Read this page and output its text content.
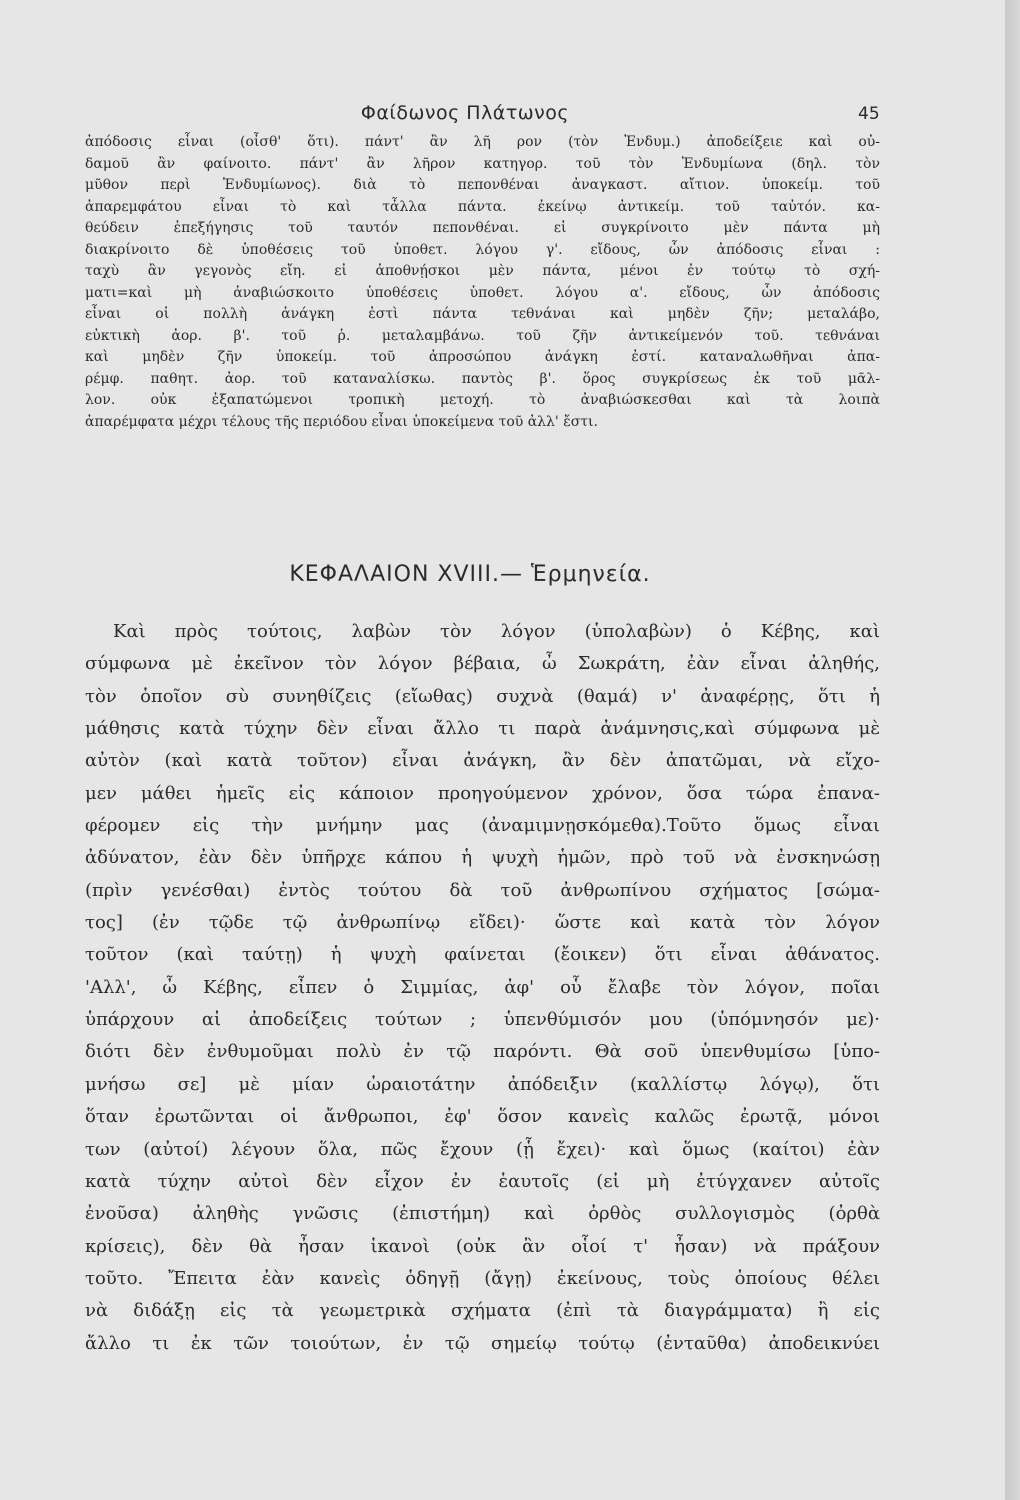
Φαίδωνος Πλάτωνος	45
ἀπόδοσις εἶναι (οἶσθ' ὅτι). πάντ' ἂν λῆ ρον (τὸν Ἐνδυμ.) ἀποδείξειε καὶ οὐ-
δαμοῦ ἂν φαίνοιτο. πάντ' ἂν λῆρον κατηγορ. τοῦ τὸν Ἐνδυμίωνα (δηλ. τὸν
μῦθον περὶ Ἐνδυμίωνος). διὰ τὸ πεπονθέναι ἀναγκαστ. αἴτιον. ὑποκείμ. τοῦ
ἀπαρεμφάτου εἶναι τὸ καὶ τἆλλα πάντα. ἐκείνῳ ἀντικείμ. τοῦ ταὐτόν. κα-
θεύδειν ἐπεξήγησις τοῦ ταυτόν πεπονθέναι. εἰ συγκρίνοιτο μὲν πάντα μὴ
διακρίνοιτο δὲ ὑποθέσεις τοῦ ὑποθετ. λόγου γ'. εἴδους, ὧν ἀπόδοσις εἶναι :
ταχὺ ἂν γεγονὸς εἴη. εἰ ἀποθνῄσκοι μὲν πάντα, μένοι ἐν τούτῳ τὸ σχή-
ματι=καὶ μὴ ἀναβιώσκοιτο ὑποθέσεις ὑποθετ. λόγου α'. εἴδους, ὧν ἀπόδοσις
εἶναι οἱ πολλὴ ἀνάγκη ἐστὶ πάντα τεθνάναι καὶ μηδὲν ζῆν; μεταλάβο,
εὐκτικὴ ἀορ. β'. τοῦ ῥ. μεταλαμβάνω. τοῦ ζῆν ἀντικείμενόν τοῦ. τεθνάναι
καὶ μηδὲν ζῆν ὑποκείμ. τοῦ ἀπροσώπου ἀνάγκη ἐστί. καταναλωθῆναι ἀπα-
ρέμφ. παθητ. ἀορ. τοῦ καταναλίσκω. παντὸς β'. ὅρος συγκρίσεως ἐκ τοῦ μᾶλ-
λον. οὐκ ἐξαπατώμενοι τροπικὴ μετοχή. τὸ ἀναβιώσκεσθαι καὶ τὰ λοιπὰ
ἀπαρέμφατα μέχρι τέλους τῆς περιόδου εἶναι ὑποκείμενα τοῦ ἀλλ' ἔστι.
ΚΕΦΑΛΑΙΟΝ XVIII.— Ἑρμηνεία.
Καὶ πρὸς τούτοις, λαβὼν τὸν λόγον (ὑπολαβὼν) ὁ Κέβης, καὶ
σύμφωνα μὲ ἐκεῖνον τὸν λόγον βέβαια, ὦ Σωκράτη, ἐὰν εἶναι ἀληθής,
τὸν ὁποῖον σὺ συνηθίζεις (εἴωθας) συχνὰ (θαμά) ν' ἀναφέρῃς, ὅτι ἡ
μάθησις κατὰ τύχην δὲν εἶναι ἄλλο τι παρὰ ἀνάμνησις,καὶ σύμφωνα μὲ
αὐτὸν (καὶ κατὰ τοῦτον) εἶναι ἀνάγκη, ἂν δὲν ἀπατῶμαι, νὰ εἴχο-
μεν μάθει ἡμεῖς εἰς κάποιον προηγούμενον χρόνον, ὅσα τώρα ἐπανα-
φέρομεν εἰς τὴν μνήμην μας (ἀναμιμνῃσκόμεθα).Τοῦτο ὅμως εἶναι
ἀδύνατον, ἐὰν δὲν ὑπῆρχε κάπου ἡ ψυχὴ ἡμῶν, πρὸ τοῦ νὰ ἐνσκηνώσῃ
(πρὶν γενέσθαι) ἐντὸς τούτου δὰ τοῦ ἀνθρωπίνου σχήματος [σώμα-
τος] (ἐν τῷδε τῷ ἀνθρωπίνῳ εἴδει)· ὥστε καὶ κατὰ τὸν λόγον
τοῦτον (καὶ ταύτῃ) ἡ ψυχὴ φαίνεται (ἔοικεν) ὅτι εἶναι ἀθάνατος.
'Αλλ', ὦ Κέβης, εἶπεν ὁ Σιμμίας, ἀφ' οὗ ἔλαβε τὸν λόγον, ποῖαι
ὑπάρχουν αἱ ἀποδείξεις τούτων ; ὑπενθύμισόν μου (ὑπόμνησόν με)·
διότι δὲν ἐνθυμοῦμαι πολὺ ἐν τῷ παρόντι. Θὰ σοῦ ὑπενθυμίσω [ὑπο-
μνήσω σε] μὲ μίαν ὡραιοτάτην ἀπόδειξιν (καλλίστῳ λόγῳ), ὅτι
ὅταν ἐρωτῶνται οἱ ἄνθρωποι, ἐφ' ὅσον κανεὶς καλῶς ἐρωτᾷ, μόνοι
των (αὐτοί) λέγουν ὅλα, πῶς ἔχουν (ᾗ ἔχει)· καὶ ὅμως (καίτοι) ἐὰν
κατὰ τύχην αὐτοὶ δὲν εἶχον ἐν ἑαυτοῖς (εἰ μὴ ἐτύγχανεν αὐτοῖς
ἐνοῦσα) ἀληθὴς γνῶσις (ἐπιστήμη) καὶ ὀρθὸς συλλογισμὸς (ὀρθὰ
κρίσεις), δὲν θὰ ἦσαν ἱκανοὶ (οὐκ ἂν οἷοί τ' ἦσαν) νὰ πράξουν
τοῦτο. Ἔπειτα ἐὰν κανεὶς ὁδηγῇ (ἄγῃ) ἐκείνους, τοὺς ὁποίους θέλει
νὰ διδάξῃ εἰς τὰ γεωμετρικὰ σχήματα (ἐπὶ τὰ διαγράμματα) ἢ εἰς
ἄλλο τι ἐκ τῶν τοιούτων, ἐν τῷ σημείῳ τούτῳ (ἐνταῦθα) ἀποδεικνύει
